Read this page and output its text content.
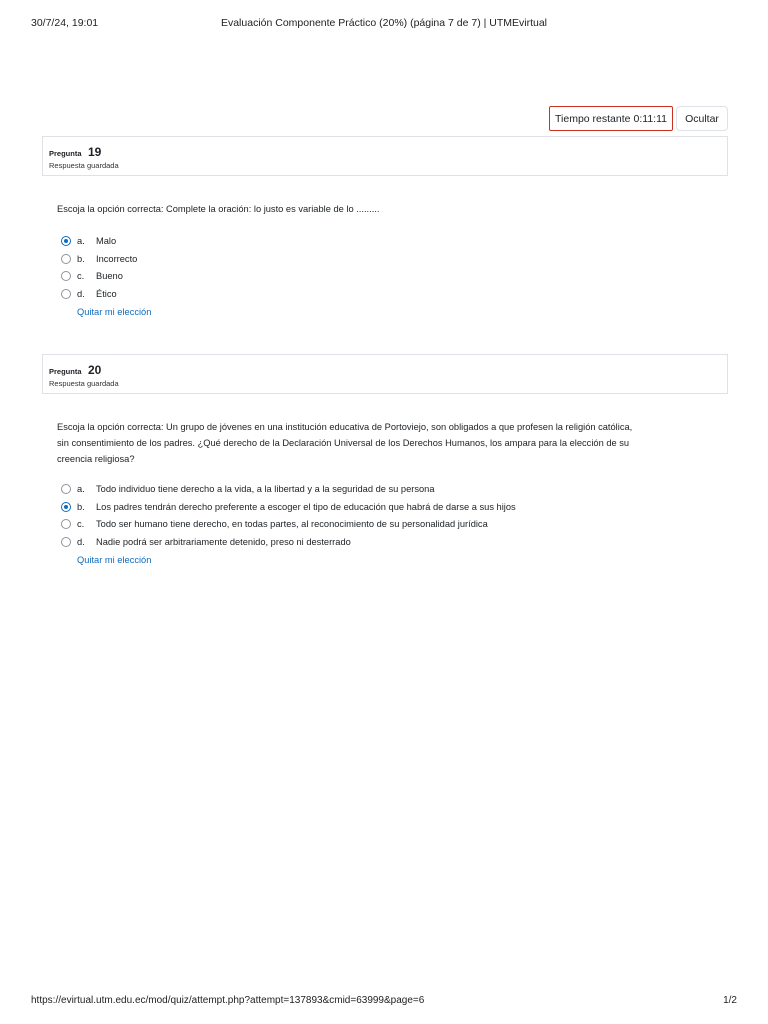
30/7/24, 19:01	Evaluación Componente Práctico (20%) (página 7 de 7) | UTMEvirtual
Tiempo restante 0:11:11	Ocultar
Pregunta 19
Respuesta guardada
Escoja la opción correcta: Complete la oración: lo justo es variable de lo .........
a. Malo
b. Incorrecto
c. Bueno
d. Ético
Quitar mi elección
Pregunta 20
Respuesta guardada
Escoja la opción correcta: Un grupo de jóvenes en una institución educativa de Portoviejo, son obligados a que profesen la religión católica,
sin consentimiento de los padres. ¿Qué derecho de la Declaración Universal de los Derechos Humanos, los ampara para la elección de su
creencia religiosa?
a. Todo individuo tiene derecho a la vida, a la libertad y a la seguridad de su persona
b. Los padres tendrán derecho preferente a escoger el tipo de educación que habrá de darse a sus hijos
c. Todo ser humano tiene derecho, en todas partes, al reconocimiento de su personalidad jurídica
d. Nadie podrá ser arbitrariamente detenido, preso ni desterrado
Quitar mi elección
https://evirtual.utm.edu.ec/mod/quiz/attempt.php?attempt=137893&cmid=63999&page=6	1/2
